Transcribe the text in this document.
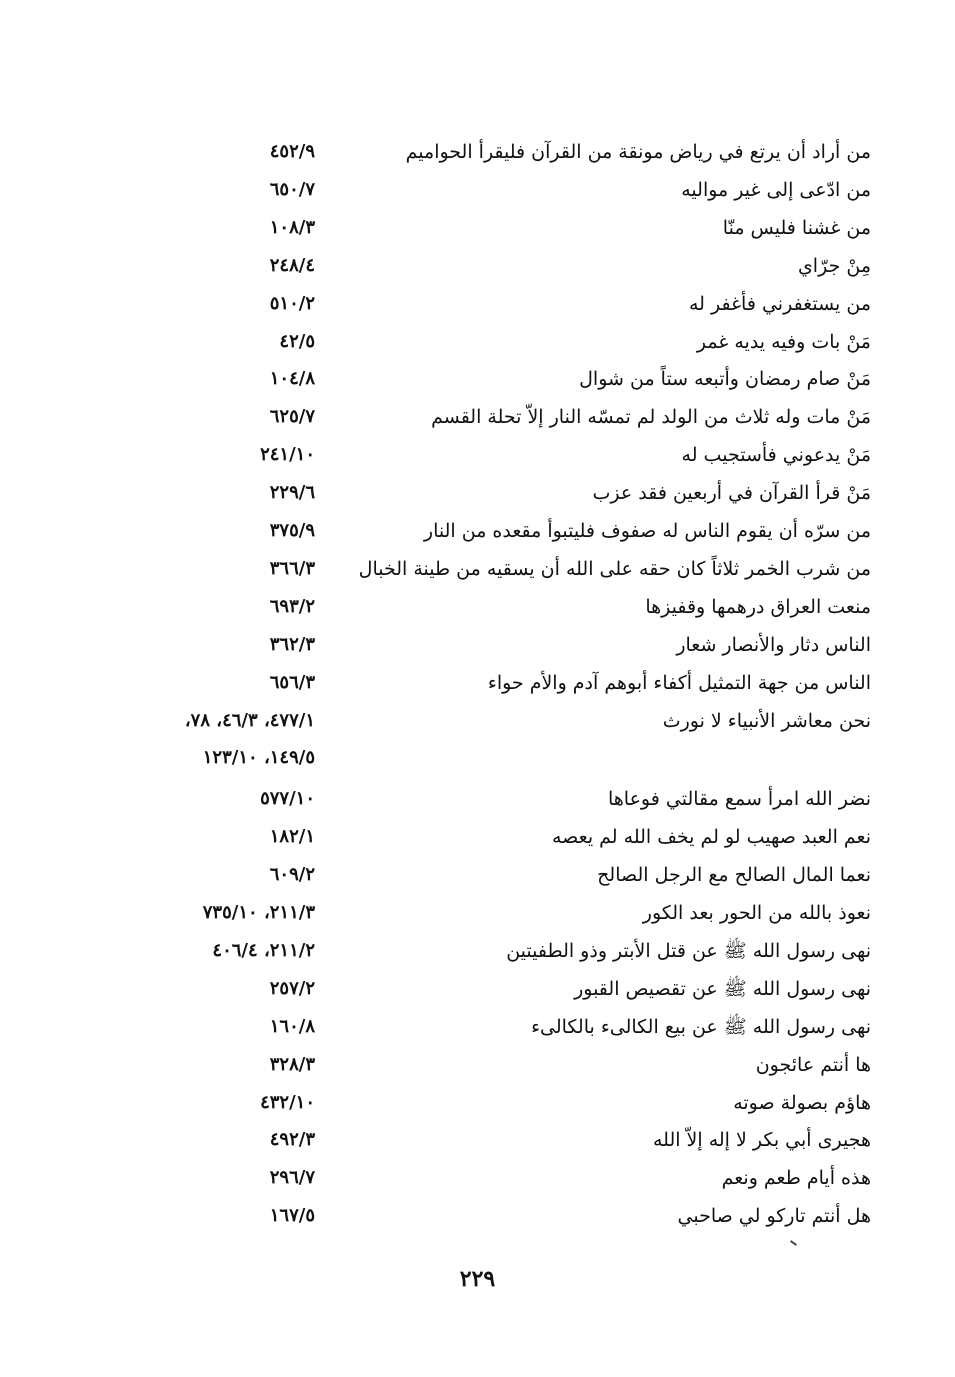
من أراد أن يرتع في رياض مونقة من القرآن فليقرأ الحواميم
٤٥٢/٩
من ادّعى إلى غير مواليه
٦٥٠/٧
من غشنا فليس منّا
١٠٨/٣
مِنْ جرّاي
٢٤٨/٤
من يستغفرني فأغفر له
٥١٠/٢
مَنْ بات وفيه يديه غمر
٤٢/٥
مَنْ صام رمضان وأتبعه ستاً من شوال
١٠٤/٨
مَنْ مات وله ثلاث من الولد لم تمسّه النار إلاّ تحلة القسم
٦٢٥/٧
مَنْ يدعوني فأستجيب له
٢٤١/١٠
مَنْ قرأ القرآن في أربعين فقد عزب
٢٢٩/٦
من سرّه أن يقوم الناس له صفوف فليتبوأ مقعده من النار
٣٧٥/٩
من شرب الخمر ثلاثاً كان حقه على الله أن يسقيه من طينة الخبال
٣٦٦/٣
منعت العراق درهمها وقفيزها
٦٩٣/٢
الناس دثار والأنصار شعار
٣٦٢/٣
الناس من جهة التمثيل أكفاء أبوهم آدم والأم حواء
٦٥٦/٣
نحن معاشر الأنبياء لا نورث
٤٧٧/١، ٤٦/٣، ٧٨،
١٤٩/٥، ١٢٣/١٠
نضر الله امرأ سمع مقالتي فوعاها
٥٧٧/١٠
نعم العبد صهيب لو لم يخف الله لم يعصه
١٨٢/١
نعما المال الصالح مع الرجل الصالح
٦٠٩/٢
نعوذ بالله من الحور بعد الكور
٢١١/٣، ٧٣٥/١٠
نهى رسول الله ﷺ عن قتل الأبتر وذو الطفيتين
٢١١/٢، ٤٠٦/٤
نهى رسول الله ﷺ عن تقصيص القبور
٢٥٧/٢
نهى رسول الله ﷺ عن بيع الكالىء بالكالىء
١٦٠/٨
ها أنتم عائجون
٣٢٨/٣
هاؤم بصولة صوته
٤٣٢/١٠
هجيرى أبي بكر لا إله إلاّ الله
٤٩٢/٣
هذه أيام طعم ونعم
٢٩٦/٧
هل أنتم تاركو لي صاحبي
١٦٧/٥
٢٢٩
